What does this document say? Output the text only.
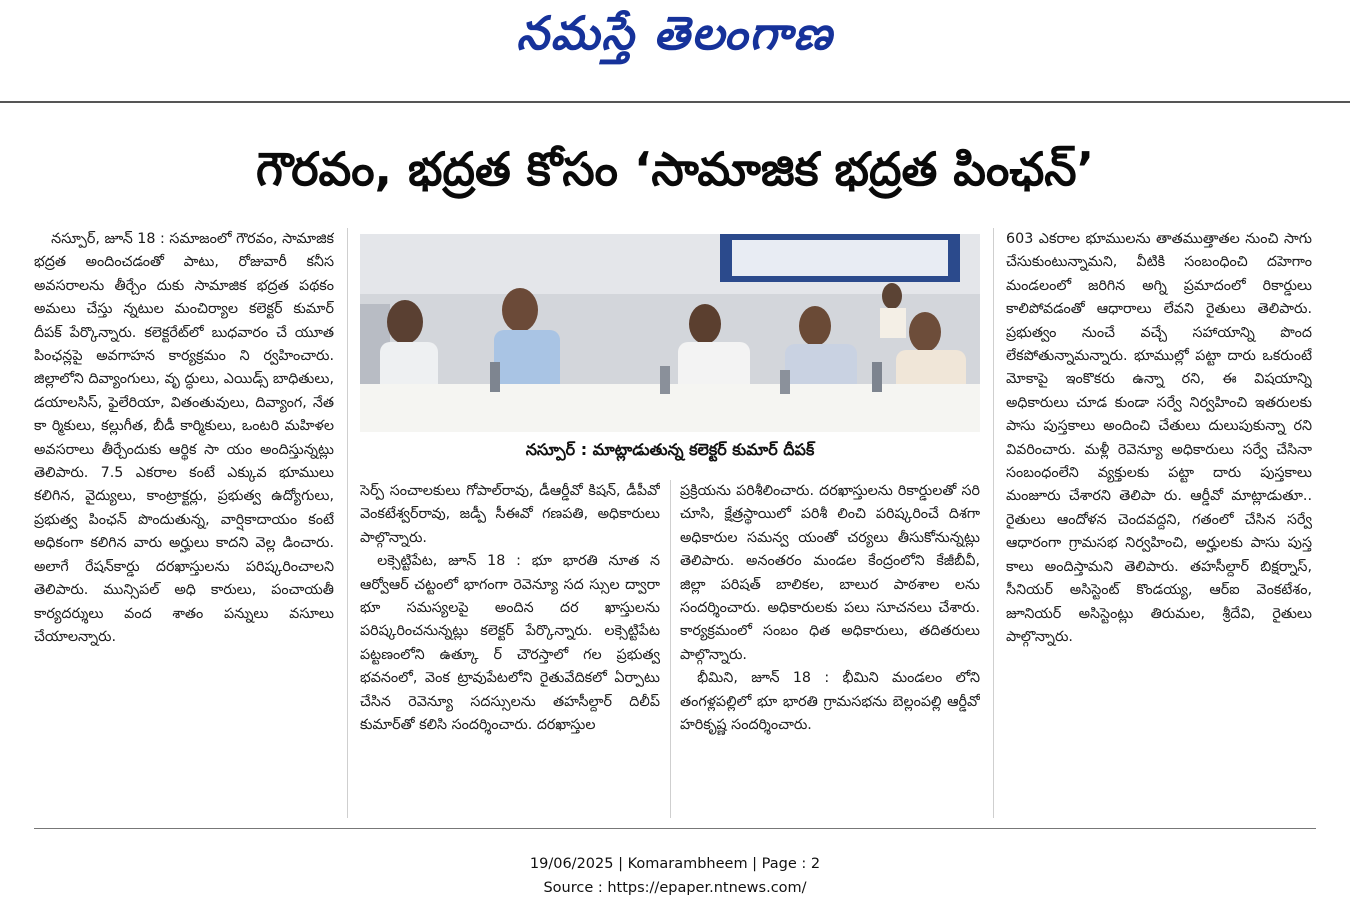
నమస్తే తెలంగాణ
గౌరవం, భద్రత కోసం ‘సామాజిక భద్రత పింఛన్’

నస్పూర్, జూన్ 18 : సమాజంలో గౌరవం, సామాజిక భద్రత అందించడంతో పాటు, రోజువారీ కనీస అవసరాలను తీర్చేం దుకు సామాజిక భద్రత పథకం అమలు చేస్తు న్నటుల మంచిర్యాల కలెక్టర్ కుమార్ దీపక్ పేర్కొన్నారు. కలెక్టరేట్‌లో బుధవారం చే యూత పింఛన్లపై అవగాహన కార్యక్రమం ని ర్వహించారు. జిల్లాలోని దివ్యాంగులు, వృ ద్ధులు, ఎయిడ్స్ బాధితులు, డయాలసిస్, ఫైలేరియా, వితంతువులు, దివ్యాంగ, నేత కా ర్మికులు, కల్లుగీత, బీడీ కార్మికులు, ఒంటరి మహిళల అవసరాలు తీర్చేందుకు ఆర్థిక సా యం అందిస్తున్నట్లు తెలిపారు. 7.5 ఎకరాల కంటే ఎక్కువ భూములు కలిగిన, వైద్యులు, కాంట్రాక్టర్లు, ప్రభుత్వ ఉద్యోగులు, ప్రభుత్వ పింఛన్ పొందుతున్న, వార్షికాదాయం కంటే అధికంగా కలిగిన వారు అర్హులు కాదని వెల్ల డించారు. అలాగే రేషన్‌కార్డు దరఖాస్తులను పరిష్కరించాలని తెలిపారు. మున్సిపల్ అధి కారులు, పంచాయతీ కార్యదర్శులు వంద శాతం పన్నులు వసూలు చేయాలన్నారు.

నస్పూర్ : మాట్లాడుతున్న కలెక్టర్ కుమార్ దీపక్

సెర్ప్ సంచాలకులు గోపాల్‌రావు, డీఆర్డీవో కిషన్, డీపీవో వెంకటేశ్వర్‌రావు, జడ్పీ సీఈవో గణపతి, అధికారులు పాల్గొన్నారు.

లక్సెట్టిపేట, జూన్ 18 : భూ భారతి నూత న ఆర్వోఆర్ చట్టంలో భాగంగా రెవెన్యూ సద స్సుల ద్వారా భూ సమస్యలపై అందిన దర ఖాస్తులను పరిష్కరించనున్నట్లు కలెక్టర్ పేర్కొన్నారు. లక్సెట్టిపేట పట్టణంలోని ఉత్కూ ర్ చౌరస్తాలో గల ప్రభుత్వ భవనంలో, వెంక ట్రావుపేటలోని రైతువేదికలో ఏర్పాటు చేసిన రెవెన్యూ సదస్సులను తహసీల్దార్ దిలీప్ కుమార్‌తో కలిసి సందర్శించారు. దరఖాస్తుల

ప్రక్రియను పరిశీలించారు. దరఖాస్తులను రికార్డులతో సరి చూసి, క్షేత్రస్థాయిలో పరిశీ లించి పరిష్కరించే దిశగా అధికారుల సమన్వ యంతో చర్యలు తీసుకోనున్నట్లు తెలిపారు. అనంతరం మండల కేంద్రంలోని కేజీబీవీ, జిల్లా పరిషత్ బాలికల, బాలుర పాఠశాల లను సందర్శించారు. అధికారులకు పలు సూచనలు చేశారు. కార్యక్రమంలో సంబం ధిత అధికారులు, తదితరులు పాల్గొన్నారు.

భీమిని, జూన్ 18 : భీమిని మండలం లోని తంగళ్లపల్లిలో భూ భారతి గ్రామసభను బెల్లంపల్లి ఆర్డీవో హరికృష్ణ సందర్శించారు.

603 ఎకరాల భూములను తాతముత్తాతల నుంచి సాగు చేసుకుంటున్నామని, వీటికి సంబంధించి దహెగాం మండలంలో జరిగిన అగ్ని ప్రమాదంలో రికార్డులు కాలిపోవడంతో ఆధారాలు లేవని రైతులు తెలిపారు. ప్రభుత్వం నుంచే వచ్చే సహాయాన్ని పొంద లేకపోతున్నామన్నారు. భూముల్లో పట్టా దారు ఒకరుంటే మోకాపై ఇంకొకరు ఉన్నా రని, ఈ విషయాన్ని అధికారులు చూడ కుండా సర్వే నిర్వహించి ఇతరులకు పాసు పుస్తకాలు అందించి చేతులు దులుపుకున్నా రని వివరించారు. మళ్లీ రెవెన్యూ అధికారులు సర్వే చేసినా సంబంధంలేని వ్యక్తులకు పట్టా దారు పుస్తకాలు మంజూరు చేశారని తెలిపా రు. ఆర్డీవో మాట్లాడుతూ.. రైతులు ఆందోళన చెందవద్దని, గతంలో చేసిన సర్వే ఆధారంగా గ్రామసభ నిర్వహించి, అర్హులకు పాసు పుస్త కాలు అందిస్తామని తెలిపారు. తహసీల్దార్ బిక్షర్నాస్, సీనియర్ అసిస్టెంట్ కొండయ్య, ఆర్ఐ వెంకటేశం, జూనియర్ అసిస్టెంట్లు తిరుమల, శ్రీదేవి, రైతులు పాల్గొన్నారు.

19/06/2025 | Komarambheem | Page : 2
Source : https://epaper.ntnews.com/
